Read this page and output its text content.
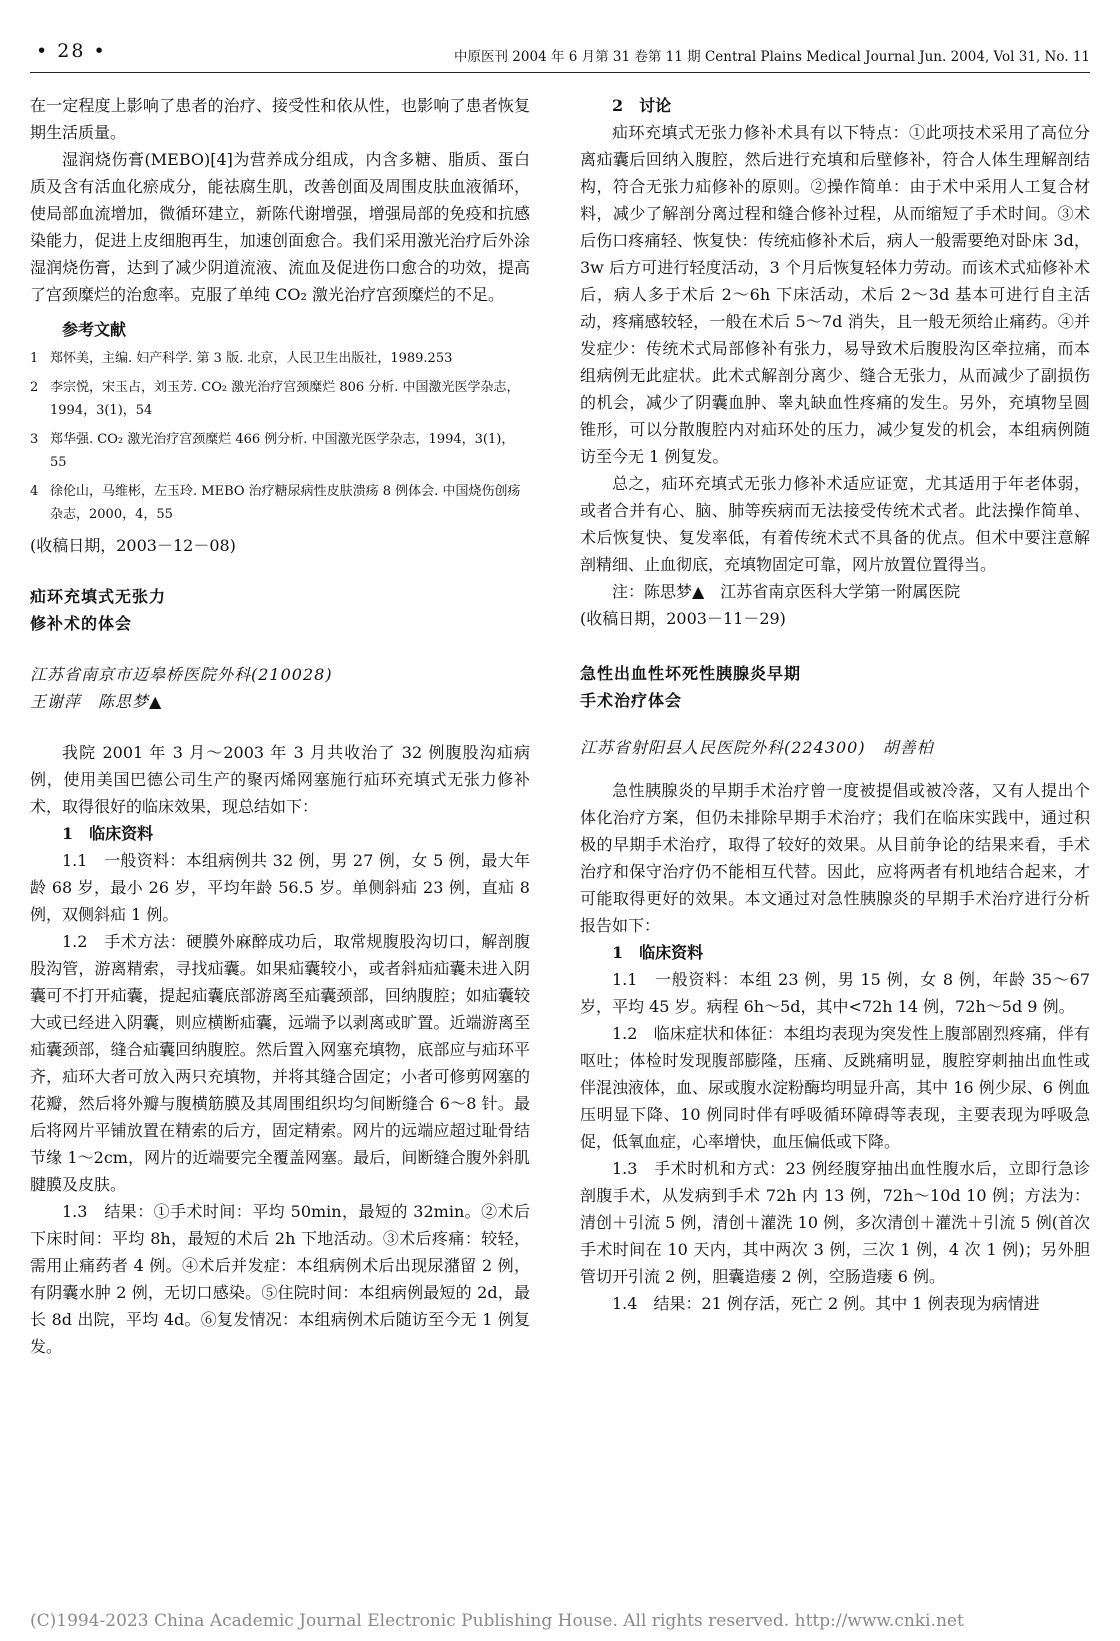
• 28 •	中原医刊 2004 年 6 月第 31 卷第 11 期 Central Plains Medical Journal Jun. 2004, Vol 31, No. 11

在一定程度上影响了患者的治疗、接受性和依从性，也影响了患者恢复期生活质量。

湿润烧伤膏(MEBO)[4]为营养成分组成，内含多糖、脂质、蛋白质及含有活血化瘀成分，能祛腐生肌，改善创面及周围皮肤血液循环，使局部血流增加，微循环建立，新陈代谢增强，增强局部的免疫和抗感染能力，促进上皮细胞再生，加速创面愈合。我们采用激光治疗后外涂湿润烧伤膏，达到了减少阴道流液、流血及促进伤口愈合的功效，提高了宫颈糜烂的治愈率。克服了单纯 CO₂ 激光治疗宫颈糜烂的不足。

参考文献

1 郑怀美，主编. 妇产科学. 第 3 版. 北京，人民卫生出版社，1989.253
2 李宗悦，宋玉占，刘玉芳. CO₂ 激光治疗宫颈糜烂 806 分析. 中国激光医学杂志，1994，3(1)，54
3 郑华强. CO₂ 激光治疗宫颈糜烂 466 例分析. 中国激光医学杂志，1994，3(1)，55
4 徐伦山，马维彬，左玉玲. MEBO 治疗糖尿病性皮肤溃疡 8 例体会. 中国烧伤创疡杂志，2000，4，55

(收稿日期，2003－12－08)

疝环充填式无张力

修补术的体会

江苏省南京市迈皋桥医院外科(210028)

王谢萍　陈思梦▲

我院 2001 年 3 月～2003 年 3 月共收治了 32 例腹股沟疝病例，使用美国巴德公司生产的聚丙烯网塞施行疝环充填式无张力修补术，取得很好的临床效果，现总结如下：

1　临床资料

1.1　一般资料：本组病例共 32 例，男 27 例，女 5 例，最大年龄 68 岁，最小 26 岁，平均年龄 56.5 岁。单侧斜疝 23 例，直疝 8 例，双侧斜疝 1 例。

1.2　手术方法：硬膜外麻醉成功后，取常规腹股沟切口，解剖腹股沟管，游离精索，寻找疝囊。如果疝囊较小，或者斜疝疝囊未进入阴囊可不打开疝囊，提起疝囊底部游离至疝囊颈部，回纳腹腔；如疝囊较大或已经进入阴囊，则应横断疝囊，远端予以剥离或旷置。近端游离至疝囊颈部，缝合疝囊回纳腹腔。然后置入网塞充填物，底部应与疝环平齐，疝环大者可放入两只充填物，并将其缝合固定；小者可修剪网塞的花瓣，然后将外瓣与腹横筋膜及其周围组织均匀间断缝合 6～8 针。最后将网片平铺放置在精索的后方，固定精索。网片的远端应超过耻骨结节缘 1～2cm，网片的近端要完全覆盖网塞。最后，间断缝合腹外斜肌腱膜及皮肤。

1.3　结果：①手术时间：平均 50min，最短的 32min。②术后下床时间：平均 8h，最短的术后 2h 下地活动。③术后疼痛：较轻，需用止痛药者 4 例。④术后并发症：本组病例术后出现尿潴留 2 例，有阴囊水肿 2 例，无切口感染。⑤住院时间：本组病例最短的 2d，最长 8d 出院，平均 4d。⑥复发情况：本组病例术后随访至今无 1 例复发。

2　讨论

疝环充填式无张力修补术具有以下特点：①此项技术采用了高位分离疝囊后回纳入腹腔，然后进行充填和后壁修补，符合人体生理解剖结构，符合无张力疝修补的原则。②操作简单：由于术中采用人工复合材料，减少了解剖分离过程和缝合修补过程，从而缩短了手术时间。③术后伤口疼痛轻、恢复快：传统疝修补术后，病人一般需要绝对卧床 3d，3w 后方可进行轻度活动，3 个月后恢复轻体力劳动。而该术式疝修补术后，病人多于术后 2～6h 下床活动，术后 2～3d 基本可进行自主活动，疼痛感较轻，一般在术后 5～7d 消失，且一般无须给止痛药。④并发症少：传统术式局部修补有张力，易导致术后腹股沟区牵拉痛，而本组病例无此症状。此术式解剖分离少、缝合无张力，从而减少了副损伤的机会，减少了阴囊血肿、睾丸缺血性疼痛的发生。另外，充填物呈圆锥形，可以分散腹腔内对疝环处的压力，减少复发的机会，本组病例随访至今无 1 例复发。

总之，疝环充填式无张力修补术适应证宽，尤其适用于年老体弱，或者合并有心、脑、肺等疾病而无法接受传统术式者。此法操作简单、术后恢复快、复发率低，有着传统术式不具备的优点。但术中要注意解剖精细、止血彻底，充填物固定可靠，网片放置位置得当。

注：陈思梦▲　江苏省南京医科大学第一附属医院

(收稿日期，2003－11－29)

急性出血性坏死性胰腺炎早期

手术治疗体会

江苏省射阳县人民医院外科(224300)　胡善柏

急性胰腺炎的早期手术治疗曾一度被提倡或被冷落，又有人提出个体化治疗方案，但仍未排除早期手术治疗；我们在临床实践中，通过积极的早期手术治疗，取得了较好的效果。从目前争论的结果来看，手术治疗和保守治疗仍不能相互代替。因此，应将两者有机地结合起来，才可能取得更好的效果。本文通过对急性胰腺炎的早期手术治疗进行分析报告如下：

1　临床资料

1.1　一般资料：本组 23 例，男 15 例，女 8 例，年龄 35～67 岁，平均 45 岁。病程 6h～5d，其中<72h 14 例，72h～5d 9 例。

1.2　临床症状和体征：本组均表现为突发性上腹部剧烈疼痛，伴有呕吐；体检时发现腹部膨隆，压痛、反跳痛明显，腹腔穿刺抽出血性或伴混浊液体，血、尿或腹水淀粉酶均明显升高，其中 16 例少尿、6 例血压明显下降、10 例同时伴有呼吸循环障碍等表现，主要表现为呼吸急促，低氧血症，心率增快，血压偏低或下降。

1.3　手术时机和方式：23 例经腹穿抽出血性腹水后，立即行急诊剖腹手术，从发病到手术 72h 内 13 例，72h～10d 10 例；方法为：清创＋引流 5 例，清创＋灌洗 10 例，多次清创＋灌洗＋引流 5 例(首次手术时间在 10 天内，其中两次 3 例，三次 1 例，4 次 1 例)；另外胆管切开引流 2 例，胆囊造瘘 2 例，空肠造瘘 6 例。

1.4　结果：21 例存活，死亡 2 例。其中 1 例表现为病情进

(C)1994-2023 China Academic Journal Electronic Publishing House. All rights reserved. http://www.cnki.net
